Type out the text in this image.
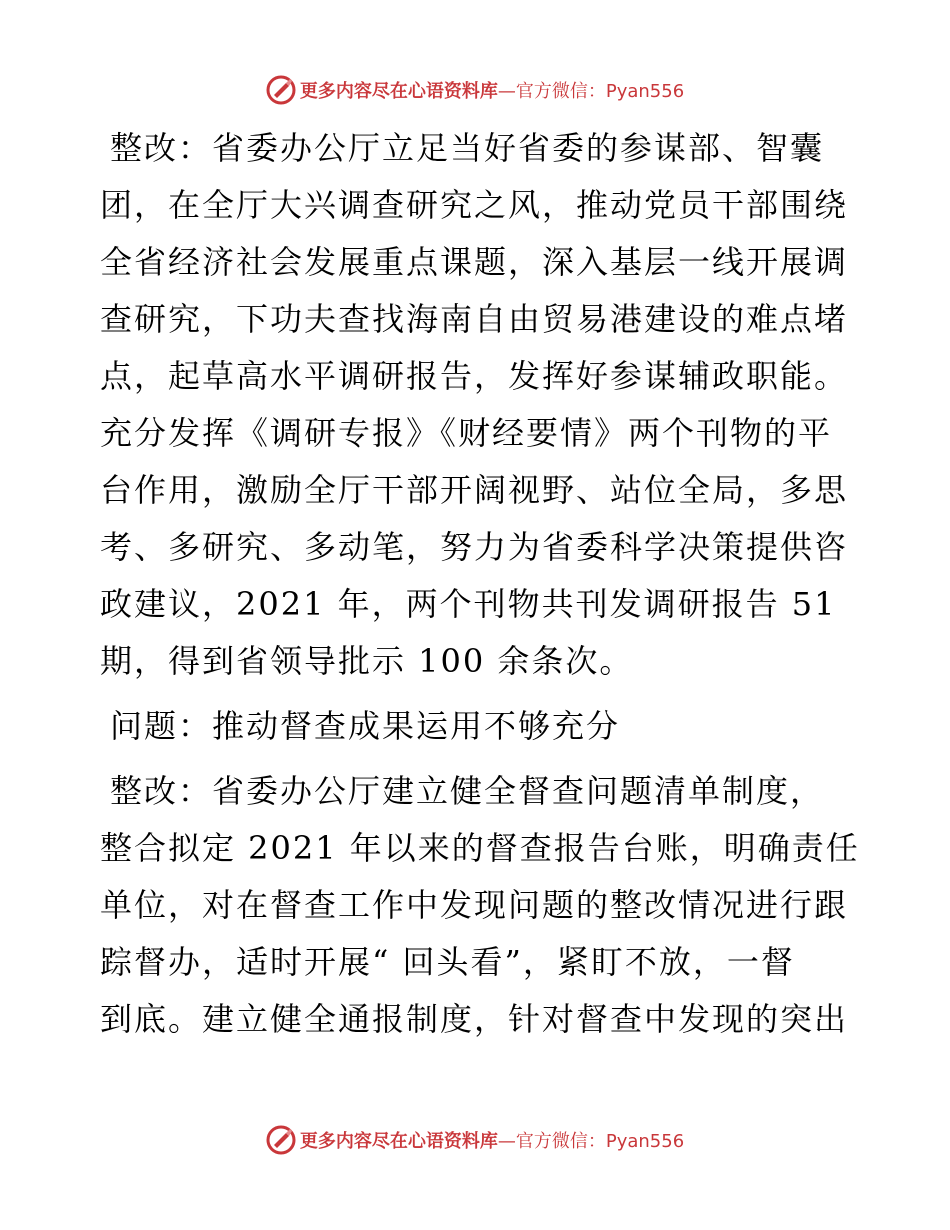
更多内容尽在心语资料库 —官方微信：Pyan556
整改：省委办公厅立足当好省委的参谋部、智囊
团，在全厅大兴调查研究之风，推动党员干部围绕
全省经济社会发展重点课题，深入基层一线开展调
查研究，下功夫查找海南自由贸易港建设的难点堵
点，起草高水平调研报告，发挥好参谋辅政职能。
充分发挥《调研专报》《财经要情》两个刊物的平
台作用，激励全厅干部开阔视野、站位全局，多思
考、多研究、多动笔，努力为省委科学决策提供咨
政建议，2021 年，两个刊物共刊发调研报告 51
期，得到省领导批示 100 余条次。
问题：推动督查成果运用不够充分
整改：省委办公厅建立健全督查问题清单制度，
整合拟定 2021 年以来的督查报告台账，明确责任
单位，对在督查工作中发现问题的整改情况进行跟
踪督办，适时开展“ 回头看”，紧盯不放，一督
到底。建立健全通报制度，针对督查中发现的突出
更多内容尽在心语资料库 —官方微信：Pyan556
